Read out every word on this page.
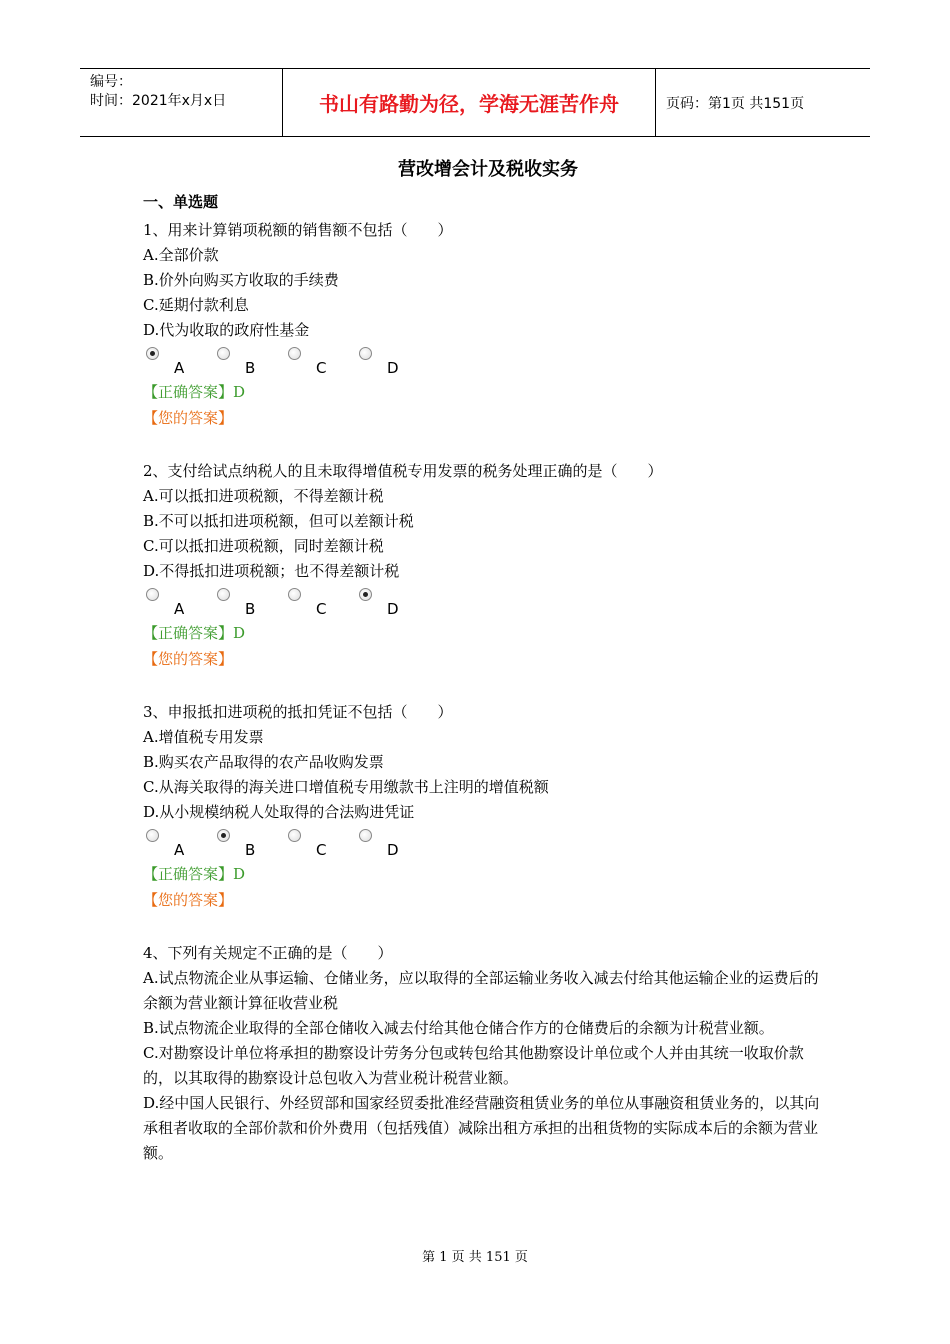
编号：
时间：2021年x月x日	书山有路勤为径，学海无涯苦作舟	页码：第1页 共151页
营改增会计及税收实务
一、单选题

1、用来计算销项税额的销售额不包括（　　）

A.全部价款

B.价外向购买方收取的手续费

C.延期付款利息

D.代为收取的政府性基金

A	B	C	D

【正确答案】D

【您的答案】

2、支付给试点纳税人的且未取得增值税专用发票的税务处理正确的是（　　）

A.可以抵扣进项税额，不得差额计税

B.不可以抵扣进项税额，但可以差额计税

C.可以抵扣进项税额，同时差额计税

D.不得抵扣进项税额；也不得差额计税

A	B	C	D

【正确答案】D

【您的答案】

3、申报抵扣进项税的抵扣凭证不包括（　　）

A.增值税专用发票

B.购买农产品取得的农产品收购发票

C.从海关取得的海关进口增值税专用缴款书上注明的增值税额

D.从小规模纳税人处取得的合法购进凭证

A	B	C	D

【正确答案】D

【您的答案】

4、下列有关规定不正确的是（　　）

A.试点物流企业从事运输、仓储业务，应以取得的全部运输业务收入减去付给其他运输企业的运费后的余额为营业额计算征收营业税

B.试点物流企业取得的全部仓储收入减去付给其他仓储合作方的仓储费后的余额为计税营业额。

C.对勘察设计单位将承担的勘察设计劳务分包或转包给其他勘察设计单位或个人并由其统一收取价款的，以其取得的勘察设计总包收入为营业税计税营业额。

D.经中国人民银行、外经贸部和国家经贸委批准经营融资租赁业务的单位从事融资租赁业务的，以其向承租者收取的全部价款和价外费用（包括残值）减除出租方承担的出租货物的实际成本后的余额为营业额。

第 1 页 共 151 页
